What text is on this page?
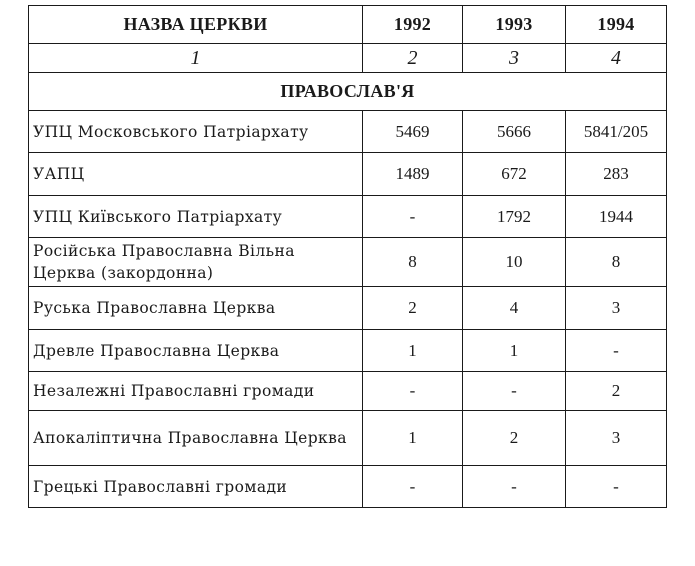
НАЗВА ЦЕРКВИ	1992	1993	1994
1	2	3	4
ПРАВОСЛАВ'Я			
УПЦ Московського Патріархату	5469	5666	5841/205
УАПЦ	1489	672	283
УПЦ Київського Патріархату	-	1792	1944
Російська Православна Вільна Церква (закордонна)	8	10	8
Руська Православна Церква	2	4	3
Древле Православна Церква	1	1	-
Незалежні Православні громади	-	-	2
Апокаліптична Православна Церква	1	2	3
Грецькі Православні громади	-	-	-
